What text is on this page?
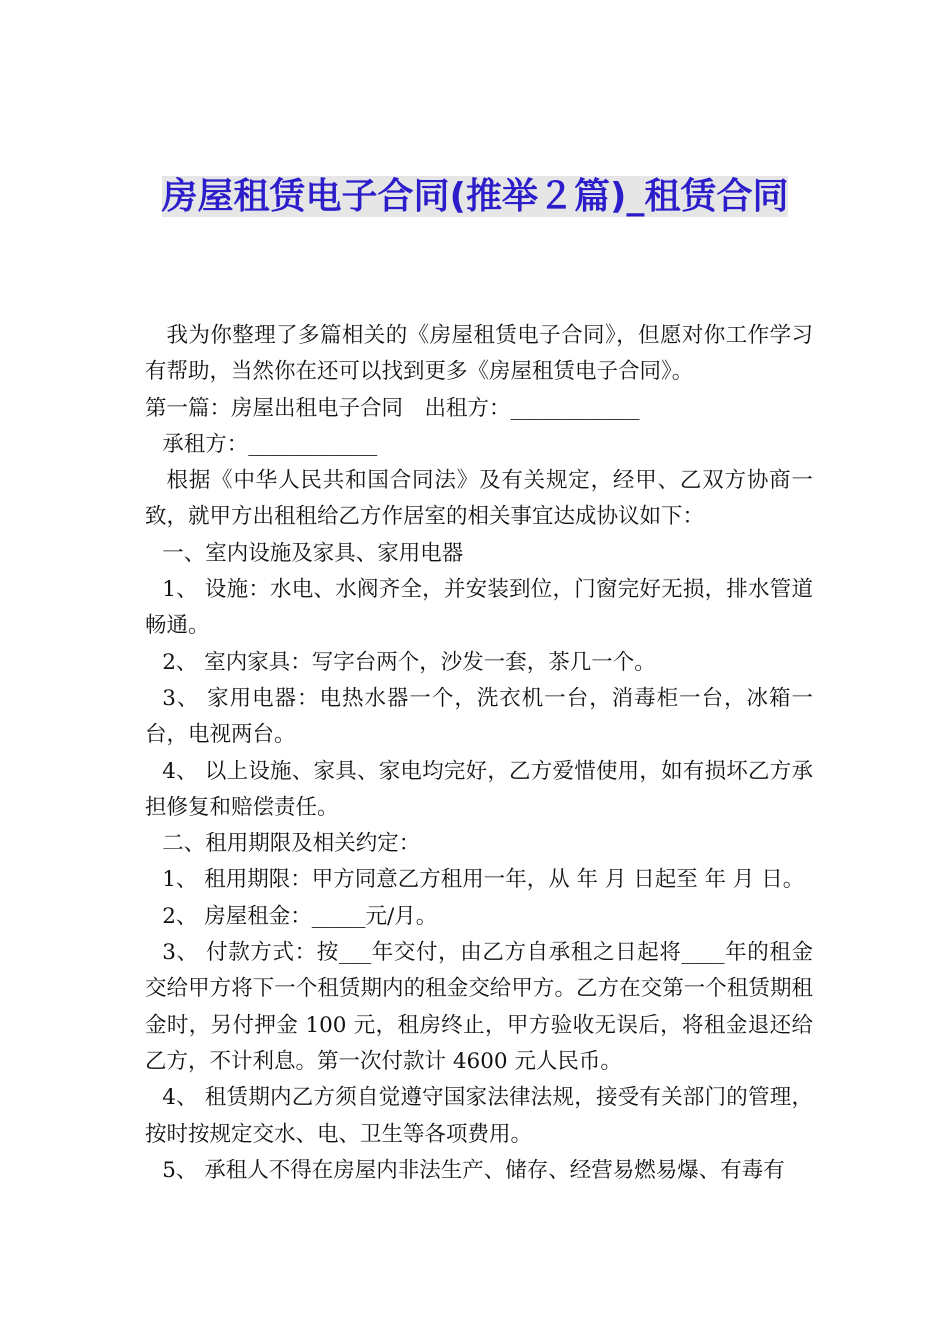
房屋租赁电子合同(推举２篇)_租赁合同

我为你整理了多篇相关的《房屋租赁电子合同》，但愿对你工作学习有帮助，当然你在还可以找到更多《房屋租赁电子合同》。

第一篇：房屋出租电子合同　出租方：____________

承租方：____________

根据《中华人民共和国合同法》及有关规定，经甲、乙双方协商一致，就甲方出租租给乙方作居室的相关事宜达成协议如下：

一、室内设施及家具、家用电器

1、 设施：水电、水阀齐全，并安装到位，门窗完好无损，排水管道畅通。

2、 室内家具：写字台两个，沙发一套，茶几一个。

3、 家用电器：电热水器一个，洗衣机一台，消毒柜一台，冰箱一台，电视两台。

4、 以上设施、家具、家电均完好，乙方爱惜使用，如有损坏乙方承担修复和赔偿责任。

二、租用期限及相关约定：

1、 租用期限：甲方同意乙方租用一年，从 年 月 日起至 年 月 日。

2、 房屋租金：_____元/月。

3、 付款方式：按___年交付，由乙方自承租之日起将____年的租金交给甲方将下一个租赁期内的租金交给甲方。乙方在交第一个租赁期租金时，另付押金 100 元，租房终止，甲方验收无误后，将租金退还给乙方，不计利息。第一次付款计 4600 元人民币。

4、 租赁期内乙方须自觉遵守国家法律法规，接受有关部门的管理，按时按规定交水、电、卫生等各项费用。

5、 承租人不得在房屋内非法生产、储存、经营易燃易爆、有毒有
